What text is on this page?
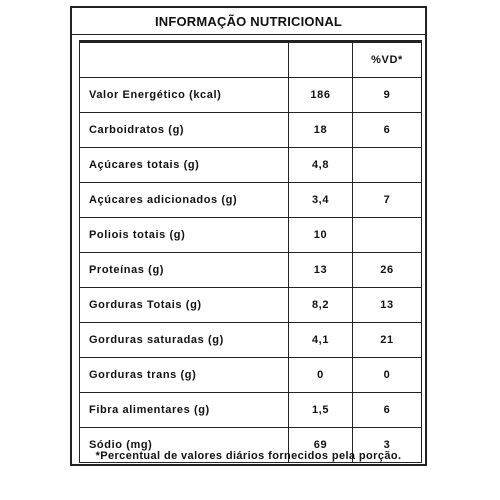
INFORMAÇÃO NUTRICIONAL
		%VD*
Valor Energético (kcal)	186	9
Carboidratos (g)	18	6
Açúcares totais (g)	4,8	
Açúcares adicionados (g)	3,4	7
Poliois totais (g)	10	
Proteínas (g)	13	26
Gorduras Totais (g)	8,2	13
Gorduras saturadas (g)	4,1	21
Gorduras trans (g)	0	0
Fibra alimentares (g)	1,5	6
Sódio (mg)	69	3
*Percentual de valores diários fornecidos pela porção.
